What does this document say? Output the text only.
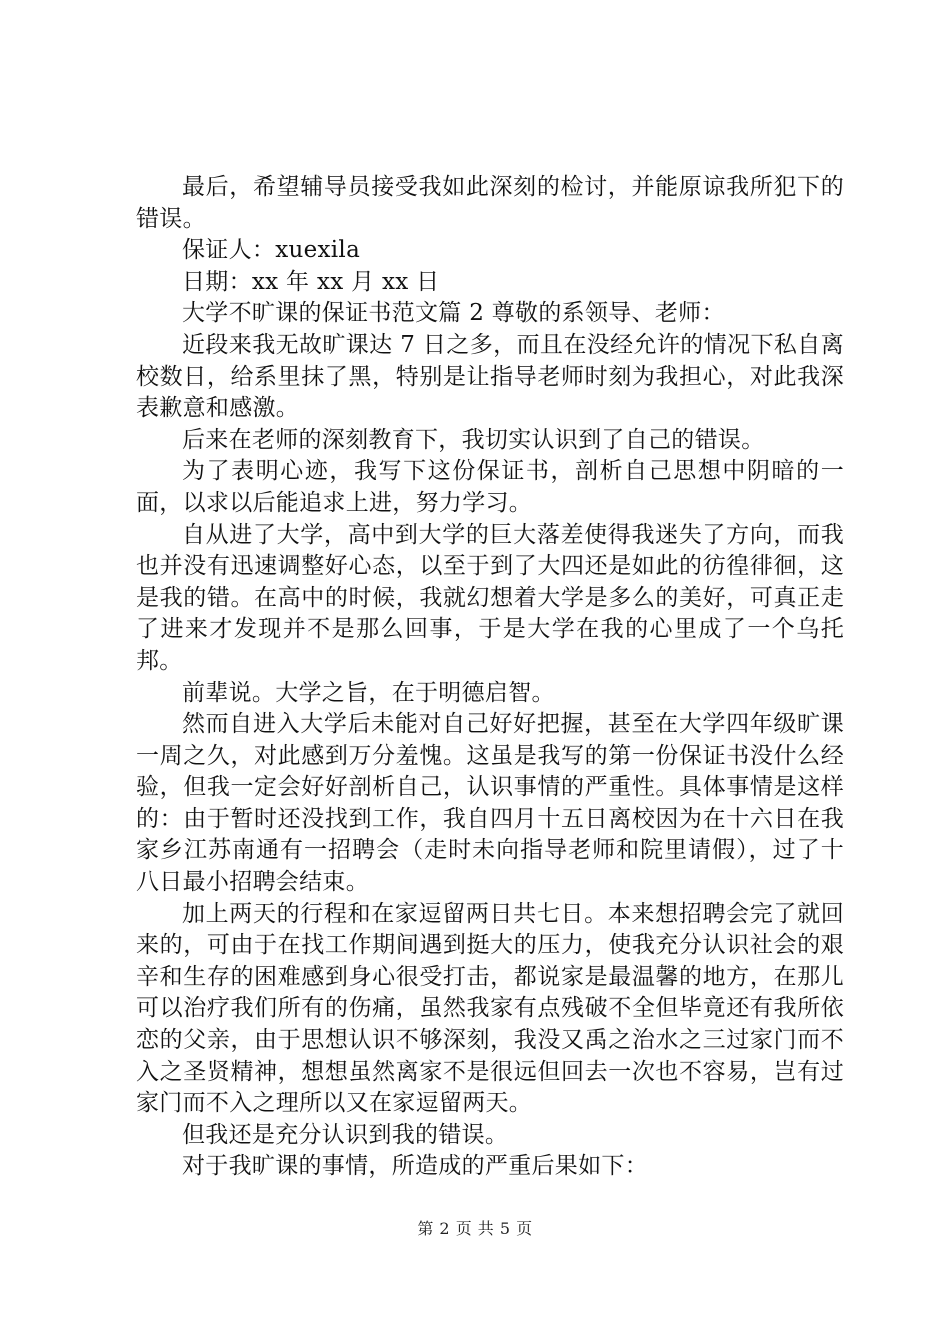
最后，希望辅导员接受我如此深刻的检讨，并能原谅我所犯下的错误。

保证人：xuexila

日期：xx 年 xx 月 xx 日

大学不旷课的保证书范文篇 2 尊敬的系领导、老师：

近段来我无故旷课达 7 日之多，而且在没经允许的情况下私自离校数日，给系里抹了黑，特别是让指导老师时刻为我担心，对此我深表歉意和感激。

后来在老师的深刻教育下，我切实认识到了自己的错误。

为了表明心迹，我写下这份保证书，剖析自己思想中阴暗的一面，以求以后能追求上进，努力学习。

自从进了大学，高中到大学的巨大落差使得我迷失了方向，而我也并没有迅速调整好心态，以至于到了大四还是如此的彷徨徘徊，这是我的错。在高中的时候，我就幻想着大学是多么的美好，可真正走了进来才发现并不是那么回事，于是大学在我的心里成了一个乌托邦。

前辈说。大学之旨，在于明德启智。

然而自进入大学后未能对自己好好把握，甚至在大学四年级旷课一周之久，对此感到万分羞愧。这虽是我写的第一份保证书没什么经验，但我一定会好好剖析自己，认识事情的严重性。具体事情是这样的：由于暂时还没找到工作，我自四月十五日离校因为在十六日在我家乡江苏南通有一招聘会（走时未向指导老师和院里请假），过了十八日最小招聘会结束。

加上两天的行程和在家逗留两日共七日。本来想招聘会完了就回来的，可由于在找工作期间遇到挺大的压力，使我充分认识社会的艰辛和生存的困难感到身心很受打击，都说家是最温馨的地方，在那儿可以治疗我们所有的伤痛，虽然我家有点残破不全但毕竟还有我所依恋的父亲，由于思想认识不够深刻，我没又禹之治水之三过家门而不入之圣贤精神，想想虽然离家不是很远但回去一次也不容易，岂有过家门而不入之理所以又在家逗留两天。

但我还是充分认识到我的错误。

对于我旷课的事情，所造成的严重后果如下：

第 2 页 共 5 页
